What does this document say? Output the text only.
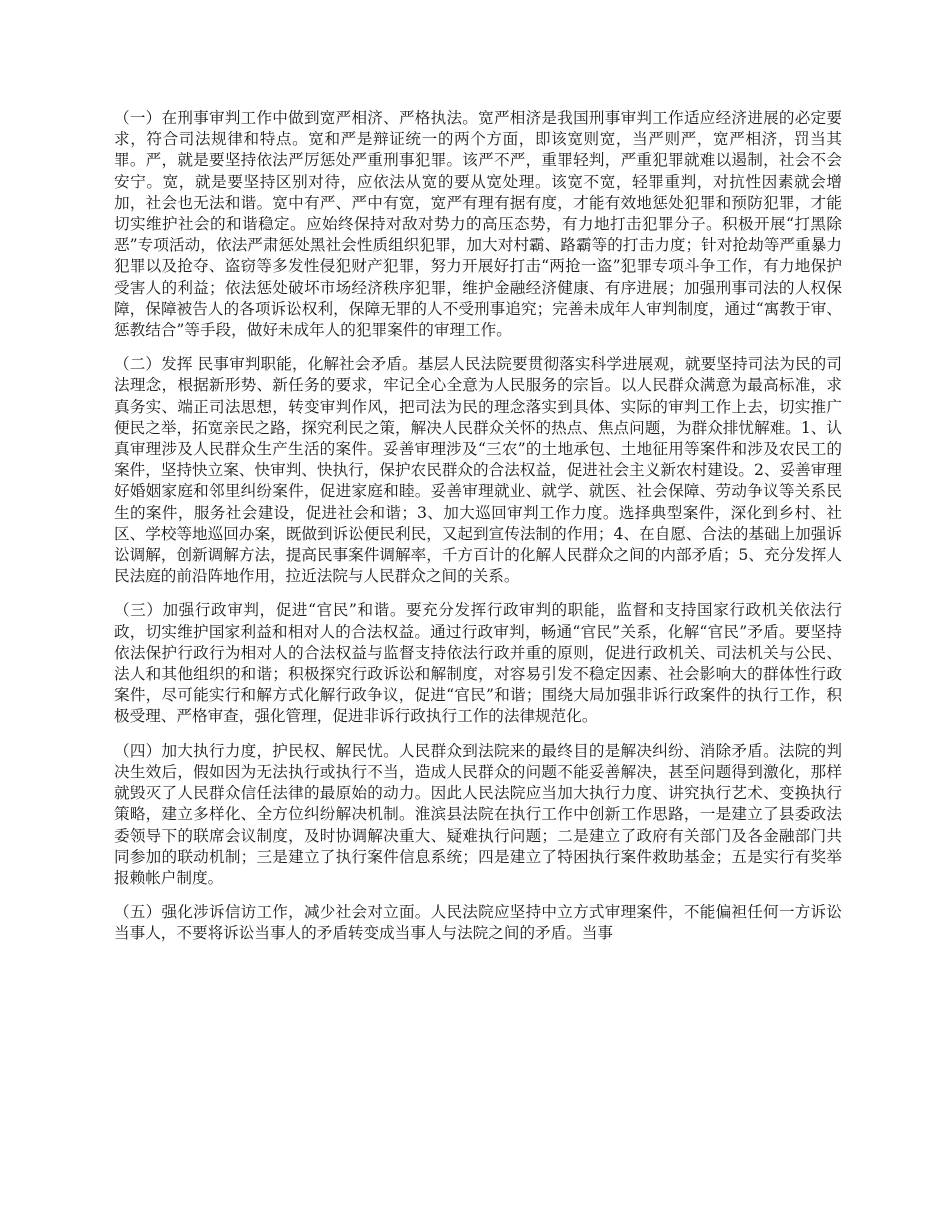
（一）在刑事审判工作中做到宽严相济、严格执法。宽严相济是我国刑事审判工作适应经济进展的必定要求，符合司法规律和特点。宽和严是辩证统一的两个方面，即该宽则宽，当严则严，宽严相济，罚当其罪。严，就是要坚持依法严厉惩处严重刑事犯罪。该严不严，重罪轻判，严重犯罪就难以遏制，社会不会安宁。宽，就是要坚持区别对待，应依法从宽的要从宽处理。该宽不宽，轻罪重判，对抗性因素就会增加，社会也无法和谐。宽中有严、严中有宽，宽严有理有据有度，才能有效地惩处犯罪和预防犯罪，才能切实维护社会的和谐稳定。应始终保持对敌对势力的高压态势，有力地打击犯罪分子。积极开展“打黑除恶”专项活动，依法严肃惩处黑社会性质组织犯罪，加大对村霸、路霸等的打击力度；针对抢劫等严重暴力犯罪以及抢夺、盗窃等多发性侵犯财产犯罪，努力开展好打击“两抢一盗”犯罪专项斗争工作，有力地保护受害人的利益；依法惩处破坏市场经济秩序犯罪，维护金融经济健康、有序进展；加强刑事司法的人权保障，保障被告人的各项诉讼权利，保障无罪的人不受刑事追究；完善未成年人审判制度，通过“寓教于审、惩教结合”等手段，做好未成年人的犯罪案件的审理工作。

（二）发挥 民事审判职能，化解社会矛盾。基层人民法院要贯彻落实科学进展观，就要坚持司法为民的司法理念，根据新形势、新任务的要求，牢记全心全意为人民服务的宗旨。以人民群众满意为最高标准，求真务实、端正司法思想，转变审判作风，把司法为民的理念落实到具体、实际的审判工作上去，切实推广便民之举，拓宽亲民之路，探究利民之策，解决人民群众关怀的热点、焦点问题，为群众排忧解难。1、认真审理涉及人民群众生产生活的案件。妥善审理涉及“三农”的土地承包、土地征用等案件和涉及农民工的案件，坚持快立案、快审判、快执行，保护农民群众的合法权益，促进社会主义新农村建设。2、妥善审理好婚姻家庭和邻里纠纷案件，促进家庭和睦。妥善审理就业、就学、就医、社会保障、劳动争议等关系民生的案件，服务社会建设，促进社会和谐；3、加大巡回审判工作力度。选择典型案件，深化到乡村、社区、学校等地巡回办案，既做到诉讼便民利民，又起到宣传法制的作用；4、在自愿、合法的基础上加强诉讼调解，创新调解方法，提高民事案件调解率，千方百计的化解人民群众之间的内部矛盾；5、充分发挥人民法庭的前沿阵地作用，拉近法院与人民群众之间的关系。

（三）加强行政审判，促进“官民”和谐。要充分发挥行政审判的职能，监督和支持国家行政机关依法行政，切实维护国家利益和相对人的合法权益。通过行政审判，畅通“官民”关系，化解“官民”矛盾。要坚持依法保护行政行为相对人的合法权益与监督支持依法行政并重的原则，促进行政机关、司法机关与公民、法人和其他组织的和谐；积极探究行政诉讼和解制度，对容易引发不稳定因素、社会影响大的群体性行政案件，尽可能实行和解方式化解行政争议，促进“官民”和谐；围绕大局加强非诉行政案件的执行工作，积极受理、严格审查，强化管理，促进非诉行政执行工作的法律规范化。

（四）加大执行力度，护民权、解民忧。人民群众到法院来的最终目的是解决纠纷、消除矛盾。法院的判决生效后，假如因为无法执行或执行不当，造成人民群众的问题不能妥善解决，甚至问题得到激化，那样就毁灭了人民群众信任法律的最原始的动力。因此人民法院应当加大执行力度、讲究执行艺术、变换执行策略，建立多样化、全方位纠纷解决机制。淮滨县法院在执行工作中创新工作思路，一是建立了县委政法委领导下的联席会议制度，及时协调解决重大、疑难执行问题；二是建立了政府有关部门及各金融部门共同参加的联动机制；三是建立了执行案件信息系统；四是建立了特困执行案件救助基金；五是实行有奖举报赖帐户制度。

（五）强化涉诉信访工作，减少社会对立面。人民法院应坚持中立方式审理案件，不能偏袒任何一方诉讼当事人，不要将诉讼当事人的矛盾转变成当事人与法院之间的矛盾。当事
